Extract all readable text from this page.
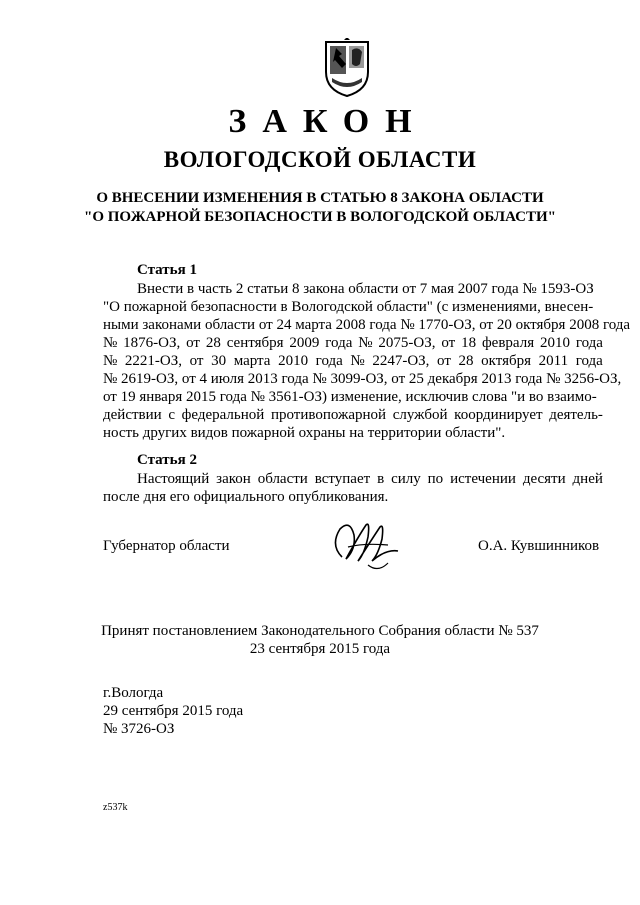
ЗАКОН
ВОЛОГОДСКОЙ ОБЛАСТИ
О ВНЕСЕНИИ ИЗМЕНЕНИЯ В СТАТЬЮ 8 ЗАКОНА ОБЛАСТИ
"О ПОЖАРНОЙ БЕЗОПАСНОСТИ В ВОЛОГОДСКОЙ ОБЛАСТИ"
Статья 1
Внести в часть 2 статьи 8 закона области от 7 мая 2007 года № 1593-ОЗ
"О пожарной безопасности в Вологодской области" (с изменениями, внесен-
ными законами области от 24 марта 2008 года № 1770-ОЗ, от 20 октября 2008 года
№ 1876-ОЗ, от 28 сентября 2009 года № 2075-ОЗ, от 18 февраля 2010 года
№ 2221-ОЗ, от 30 марта 2010 года № 2247-ОЗ, от 28 октября 2011 года
№ 2619-ОЗ, от 4 июля 2013 года № 3099-ОЗ, от 25 декабря 2013 года № 3256-ОЗ,
от 19 января 2015 года № 3561-ОЗ) изменение, исключив слова "и во взаимо-
действии с федеральной противопожарной службой координирует деятель-
ность других видов пожарной охраны на территории области".
Статья 2
Настоящий закон области вступает в силу по истечении десяти дней
после дня его официального опубликования.
Губернатор области	О.А. Кувшинников
Принят постановлением Законодательного Собрания области № 537
23 сентября 2015 года
г.Вологда
29 сентября 2015 года
№ 3726-ОЗ
z537k
